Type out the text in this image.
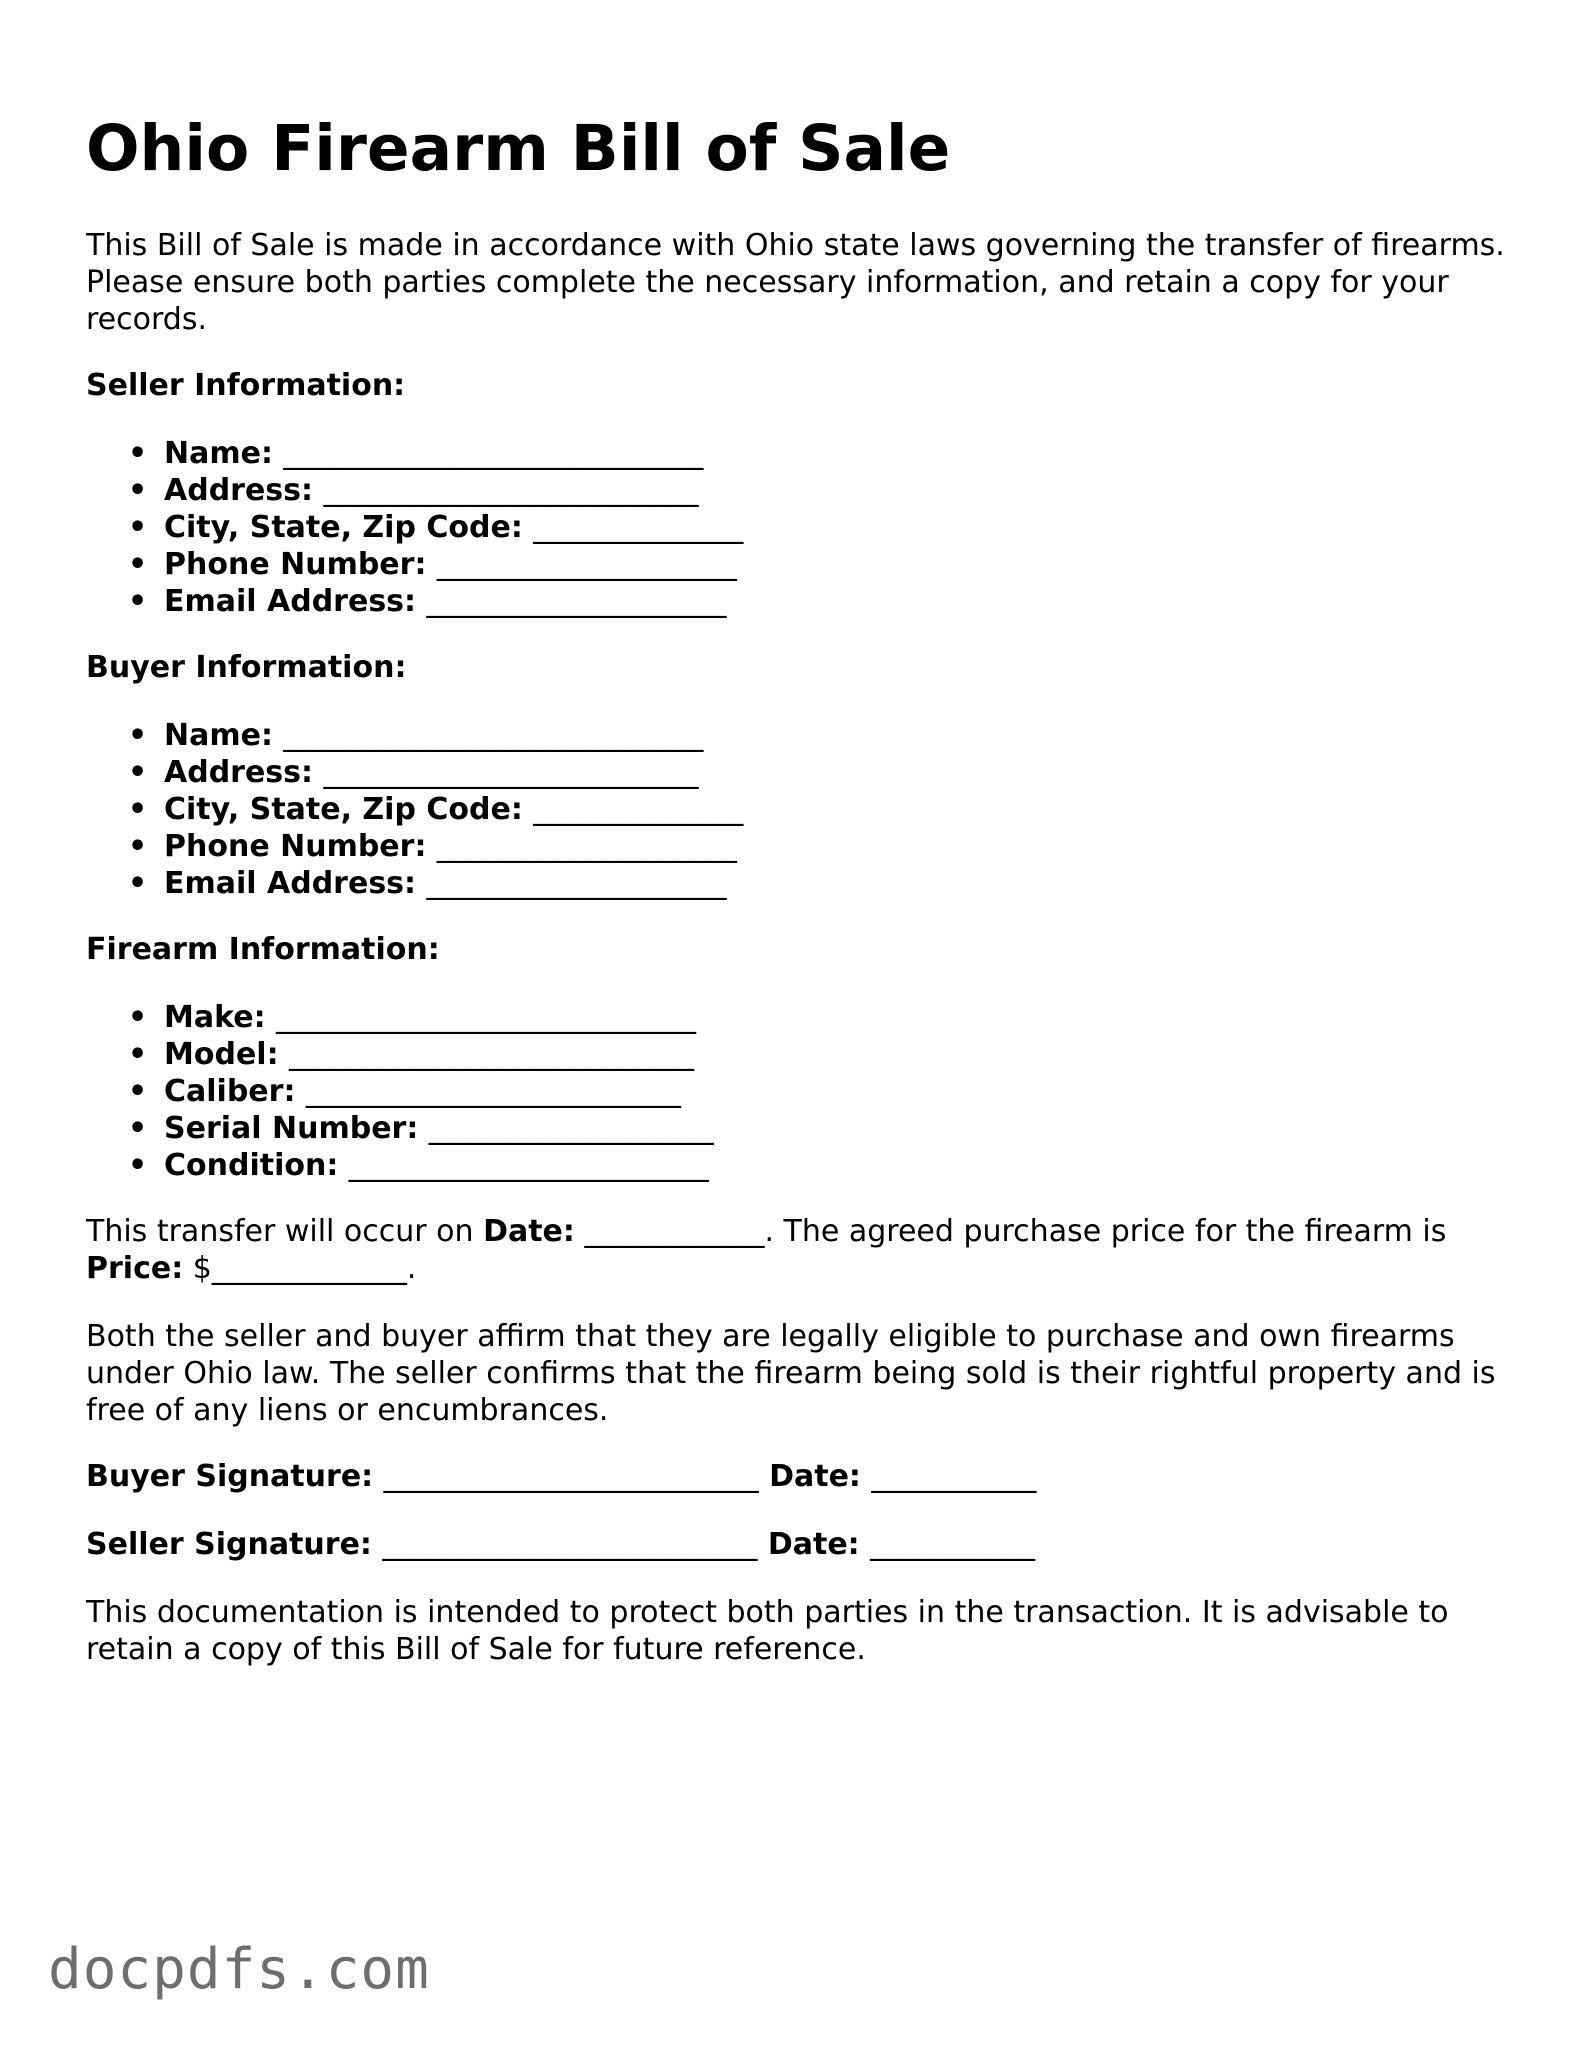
Ohio Firearm Bill of Sale

This Bill of Sale is made in accordance with Ohio state laws governing the transfer of firearms. Please ensure both parties complete the necessary information, and retain a copy for your records.

Seller Information:

• Name: ____________________________
• Address: _________________________
• City, State, Zip Code: ______________
• Phone Number: ____________________
• Email Address: ____________________

Buyer Information:

• Name: ____________________________
• Address: _________________________
• City, State, Zip Code: ______________
• Phone Number: ____________________
• Email Address: ____________________

Firearm Information:

• Make: ____________________________
• Model: ___________________________
• Caliber: _________________________
• Serial Number: ___________________
• Condition: ________________________

This transfer will occur on Date: ____________. The agreed purchase price for the firearm is Price: $_____________.

Both the seller and buyer affirm that they are legally eligible to purchase and own firearms under Ohio law. The seller confirms that the firearm being sold is their rightful property and is free of any liens or encumbrances.

Buyer Signature: _________________________ Date: ___________

Seller Signature: _________________________ Date: ___________

This documentation is intended to protect both parties in the transaction. It is advisable to retain a copy of this Bill of Sale for future reference.

docpdfs.com
